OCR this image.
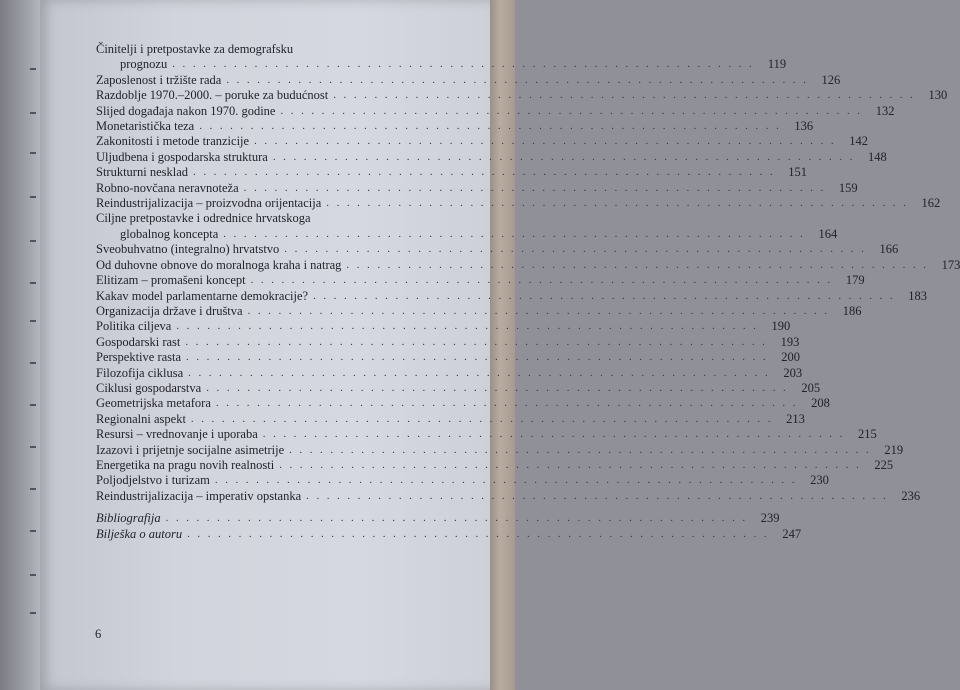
Činitelji i pretpostavke za demografsku
prognozu . . . . . . . . . . . . . . . . . . . . . . . . . . . . . . . . . . . . . . . . . . . . . . . . . . . . . . . . .	119
Zaposlenost i tržište rada . . . . . . . . . . . . . . . . . . . . . . . . . . . . . . . . . . . . . . . . . . . . . . . . . . . . . . . . .	126
Razdoblje 1970.–2000. – poruke za budućnost . . . . . . . . . . . . . . . . . . . . . . . . . . . . . . . . . . . . . . . . . . . . . . . . . . . . . . . . .	130
Slijed događaja nakon 1970. godine . . . . . . . . . . . . . . . . . . . . . . . . . . . . . . . . . . . . . . . . . . . . . . . . . . . . . . . . .	132
Monetaristička teza . . . . . . . . . . . . . . . . . . . . . . . . . . . . . . . . . . . . . . . . . . . . . . . . . . . . . . . . .	136
Zakonitosti i metode tranzicije . . . . . . . . . . . . . . . . . . . . . . . . . . . . . . . . . . . . . . . . . . . . . . . . . . . . . . . . .	142
Uljudbena i gospodarska struktura . . . . . . . . . . . . . . . . . . . . . . . . . . . . . . . . . . . . . . . . . . . . . . . . . . . . . . . . .	148
Strukturni nesklad . . . . . . . . . . . . . . . . . . . . . . . . . . . . . . . . . . . . . . . . . . . . . . . . . . . . . . . . .	151
Robno-novčana neravnoteža . . . . . . . . . . . . . . . . . . . . . . . . . . . . . . . . . . . . . . . . . . . . . . . . . . . . . . . . .	159
Reindustrijalizacija – proizvodna orijentacija . . . . . . . . . . . . . . . . . . . . . . . . . . . . . . . . . . . . . . . . . . . . . . . . . . . . . . . . .	162
Ciljne pretpostavke i odrednice hrvatskoga
globalnog koncepta . . . . . . . . . . . . . . . . . . . . . . . . . . . . . . . . . . . . . . . . . . . . . . . . . . . . . . . . .	164
Sveobuhvatno (integralno) hrvatstvo . . . . . . . . . . . . . . . . . . . . . . . . . . . . . . . . . . . . . . . . . . . . . . . . . . . . . . . . .	166
Od duhovne obnove do moralnoga kraha i natrag . . . . . . . . . . . . . . . . . . . . . . . . . . . . . . . . . . . . . . . . . . . . . . . . . . . . . . . . .	173
Elitizam – promašeni koncept . . . . . . . . . . . . . . . . . . . . . . . . . . . . . . . . . . . . . . . . . . . . . . . . . . . . . . . . .	179
Kakav model parlamentarne demokracije? . . . . . . . . . . . . . . . . . . . . . . . . . . . . . . . . . . . . . . . . . . . . . . . . . . . . . . . . .	183
Organizacija države i društva . . . . . . . . . . . . . . . . . . . . . . . . . . . . . . . . . . . . . . . . . . . . . . . . . . . . . . . . .	186
Politika ciljeva . . . . . . . . . . . . . . . . . . . . . . . . . . . . . . . . . . . . . . . . . . . . . . . . . . . . . . . . .	190
Gospodarski rast . . . . . . . . . . . . . . . . . . . . . . . . . . . . . . . . . . . . . . . . . . . . . . . . . . . . . . . . .	193
Perspektive rasta . . . . . . . . . . . . . . . . . . . . . . . . . . . . . . . . . . . . . . . . . . . . . . . . . . . . . . . . .	200
Filozofija ciklusa . . . . . . . . . . . . . . . . . . . . . . . . . . . . . . . . . . . . . . . . . . . . . . . . . . . . . . . . .	203
Ciklusi gospodarstva . . . . . . . . . . . . . . . . . . . . . . . . . . . . . . . . . . . . . . . . . . . . . . . . . . . . . . . . .	205
Geometrijska metafora . . . . . . . . . . . . . . . . . . . . . . . . . . . . . . . . . . . . . . . . . . . . . . . . . . . . . . . . .	208
Regionalni aspekt . . . . . . . . . . . . . . . . . . . . . . . . . . . . . . . . . . . . . . . . . . . . . . . . . . . . . . . . .	213
Resursi – vrednovanje i uporaba . . . . . . . . . . . . . . . . . . . . . . . . . . . . . . . . . . . . . . . . . . . . . . . . . . . . . . . . .	215
Izazovi i prijetnje socijalne asimetrije . . . . . . . . . . . . . . . . . . . . . . . . . . . . . . . . . . . . . . . . . . . . . . . . . . . . . . . . .	219
Energetika na pragu novih realnosti . . . . . . . . . . . . . . . . . . . . . . . . . . . . . . . . . . . . . . . . . . . . . . . . . . . . . . . . .	225
Poljodjelstvo i turizam . . . . . . . . . . . . . . . . . . . . . . . . . . . . . . . . . . . . . . . . . . . . . . . . . . . . . . . . .	230
Reindustrijalizacija – imperativ opstanka . . . . . . . . . . . . . . . . . . . . . . . . . . . . . . . . . . . . . . . . . . . . . . . . . . . . . . . . .	236
Bibliografija . . . . . . . . . . . . . . . . . . . . . . . . . . . . . . . . . . . . . . . . . . . . . . . . . . . . . . . . .	239
Bilješka o autoru . . . . . . . . . . . . . . . . . . . . . . . . . . . . . . . . . . . . . . . . . . . . . . . . . . . . . . . . .	247
6
